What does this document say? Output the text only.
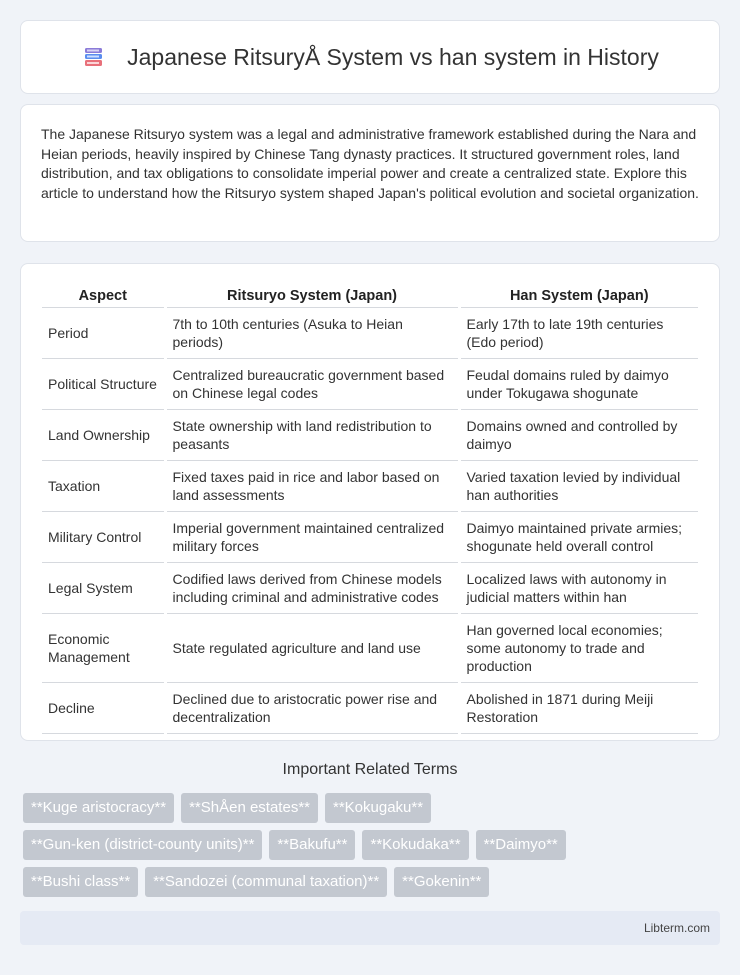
Japanese RitsuryÅ System vs han system in History

The Japanese Ritsuryo system was a legal and administrative framework established during the Nara and Heian periods, heavily inspired by Chinese Tang dynasty practices. It structured government roles, land distribution, and tax obligations to consolidate imperial power and create a centralized state. Explore this article to understand how the Ritsuryo system shaped Japan's political evolution and societal organization.

Aspect	Ritsuryo System (Japan)	Han System (Japan)
Period	7th to 10th centuries (Asuka to Heian periods)	Early 17th to late 19th centuries (Edo period)
Political Structure	Centralized bureaucratic government based on Chinese legal codes	Feudal domains ruled by daimyo under Tokugawa shogunate
Land Ownership	State ownership with land redistribution to peasants	Domains owned and controlled by daimyo
Taxation	Fixed taxes paid in rice and labor based on land assessments	Varied taxation levied by individual han authorities
Military Control	Imperial government maintained centralized military forces	Daimyo maintained private armies; shogunate held overall control
Legal System	Codified laws derived from Chinese models including criminal and administrative codes	Localized laws with autonomy in judicial matters within han
Economic Management	State regulated agriculture and land use	Han governed local economies; some autonomy to trade and production
Decline	Declined due to aristocratic power rise and decentralization	Abolished in 1871 during Meiji Restoration
Important Related Terms
**Kuge aristocracy**	**ShÅen estates**	**Kokugaku**
**Gun-ken (district-county units)**	**Bakufu**	**Kokudaka**	**Daimyo**
**Bushi class**	**Sandozei (communal taxation)**	**Gokenin**
Libterm.com
